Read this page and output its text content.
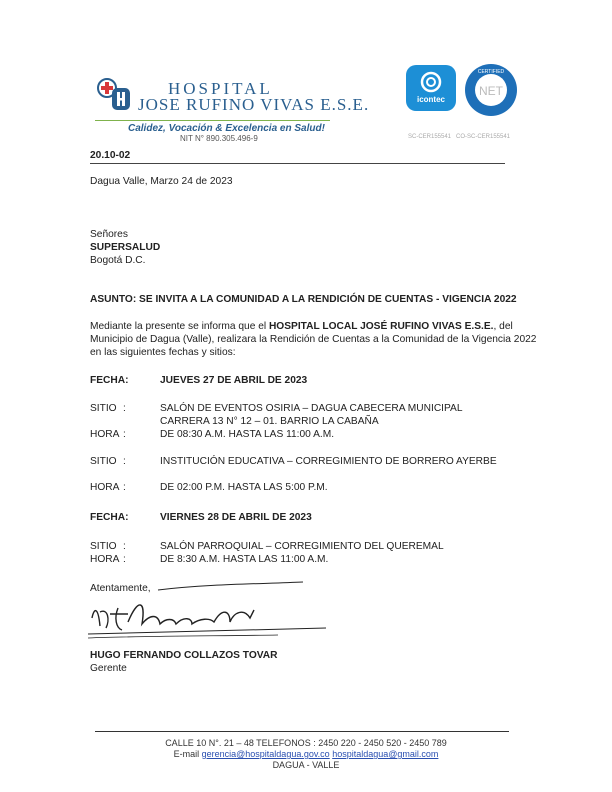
HOSPITAL
JOSE RUFINO VIVAS E.S.E.
Calidez, Vocación & Excelencia en Salud!
NIT N° 890.305.496-9
icontec
NET
CERTIFIED
SC-CER155541 CO-SC-CER155541
20.10-02
Dagua Valle, Marzo 24 de 2023
Señores
SUPERSALUD
Bogotá D.C.
ASUNTO: SE INVITA A LA COMUNIDAD A LA RENDICIÓN DE CUENTAS - VIGENCIA 2022
Mediante la presente se informa que el HOSPITAL LOCAL JOSÉ RUFINO VIVAS E.S.E., del
Municipio de Dagua (Valle), realizara la Rendición de Cuentas a la Comunidad de la Vigencia 2022
en las siguientes fechas y sitios:
FECHA:	JUEVES 27 DE ABRIL DE 2023
SITIO :	SALÓN DE EVENTOS OSIRIA – DAGUA CABECERA MUNICIPAL
CARRERA 13 N° 12 – 01. BARRIO LA CABAÑA
HORA :	DE 08:30 A.M. HASTA LAS 11:00 A.M.
SITIO :	INSTITUCIÓN EDUCATIVA – CORREGIMIENTO DE BORRERO AYERBE
HORA :	DE 02:00 P.M. HASTA LAS 5:00 P.M.
FECHA:	VIERNES 28 DE ABRIL DE 2023
SITIO :	SALÓN PARROQUIAL – CORREGIMIENTO DEL QUEREMAL
HORA :	DE 8:30 A.M. HASTA LAS 11:00 A.M.
Atentamente,
HUGO FERNANDO COLLAZOS TOVAR
Gerente
CALLE 10 N°. 21 – 48 TELEFONOS : 2450 220 - 2450 520 - 2450 789
E-mail gerencia@hospitaldagua.gov.co hospitaldagua@gmail.com
DAGUA - VALLE
